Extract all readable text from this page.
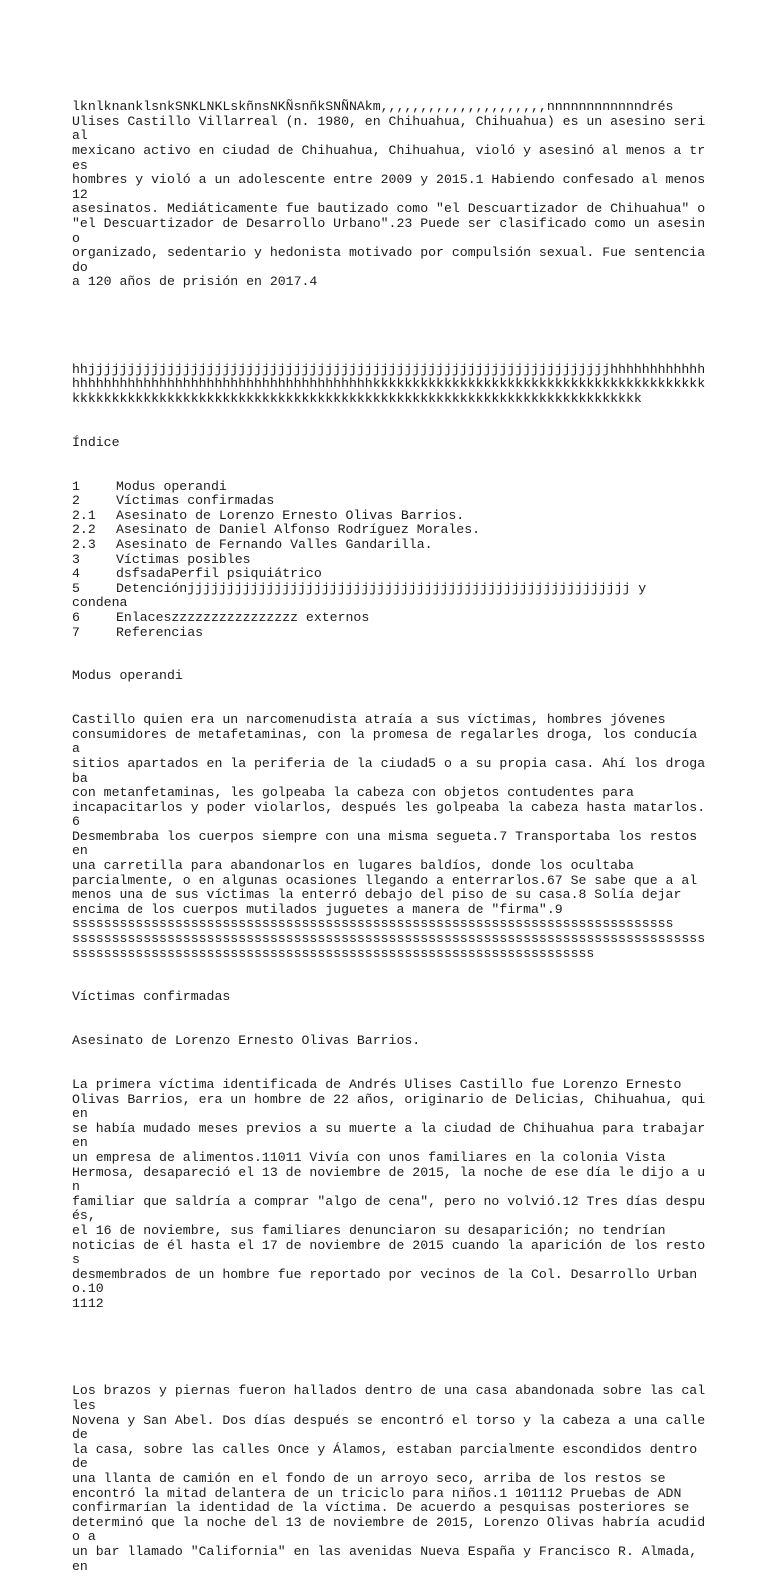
lknlknanklsnkSNKLNKLskñnsNKÑsnñkSNÑNAkm,,,,,,,,,,,,,,,,,,,,,nnnnnnnnnnnndrés
Ulises Castillo Villarreal (n. 1980, en Chihuahua, Chihuahua) es un asesino serial
mexicano activo en ciudad de Chihuahua, Chihuahua, violó y asesinó al menos a tres
hombres y violó a un adolescente entre 2009 y 2015.1 Habiendo confesado al menos 12
asesinatos. Mediáticamente fue bautizado como "el Descuartizador de Chihuahua" o
"el Descuartizador de Desarrollo Urbano".23 Puede ser clasificado como un asesino
organizado, sedentario y hedonista motivado por compulsión sexual. Fue sentenciado
a 120 años de prisión en 2017.4

hhjjjjjjjjjjjjjjjjjjjjjjjjjjjjjjjjjjjjjjjjjjjjjjjjjjjjjjjjjjjjjjjjjjhhhhhhhhhhhh
hhhhhhhhhhhhhhhhhhhhhhhhhhhhhhhhhhhhhhkkkkkkkkkkkkkkkkkkkkkkkkkkkkkkkkkkkkkkkkkk
kkkkkkkkkkkkkkkkkkkkkkkkkkkkkkkkkkkkkkkkkkkkkkkkkkkkkkkkkkkkkkkkkkkkkkkk

Índice

1	Modus operandi
2	Víctimas confirmadas
2.1 Asesinato de Lorenzo Ernesto Olivas Barrios.
2.2 Asesinato de Daniel Alfonso Rodríguez Morales.
2.3 Asesinato de Fernando Valles Gandarilla.
3	Víctimas posibles
4	dsfsadaPerfil psiquiátrico
5	Detenciónjjjjjjjjjjjjjjjjjjjjjjjjjjjjjjjjjjjjjjjjjjjjjjjjjjjjjjjj y
condena
6	Enlaceszzzzzzzzzzzzzzzz externos
7	Referencias

Modus operandi

Castillo quien era un narcomenudista atraía a sus víctimas, hombres jóvenes
consumidores de metafetaminas, con la promesa de regalarles droga, los conducía a
sitios apartados en la periferia de la ciudad5 o a su propia casa. Ahí los drogaba
con metanfetaminas, les golpeaba la cabeza con objetos contudentes para
incapacitarlos y poder violarlos, después les golpeaba la cabeza hasta matarlos.6
Desmembraba los cuerpos siempre con una misma segueta.7 Transportaba los restos en
una carretilla para abandonarlos en lugares baldíos, donde los ocultaba
parcialmente, o en algunas ocasiones llegando a enterrarlos.67 Se sabe que a al
menos una de sus víctimas la enterró debajo del piso de su casa.8 Solía dejar
encima de los cuerpos mutilados juguetes a manera de "firma".9
ssssssssssssssssssssssssssssssssssssssssssssssssssssssssssssssssssssssssssss
ssssssssssssssssssssssssssssssssssssssssssssssssssssssssssssssssssssssssssssssss
ssssssssssssssssssssssssssssssssssssssssssssssssssssssssssssssssss

Víctimas confirmadas

Asesinato de Lorenzo Ernesto Olivas Barrios.

La primera víctima identificada de Andrés Ulises Castillo fue Lorenzo Ernesto
Olivas Barrios, era un hombre de 22 años, originario de Delicias, Chihuahua, quien
se había mudado meses previos a su muerte a la ciudad de Chihuahua para trabajar en
un empresa de alimentos.11011 Vivía con unos familiares en la colonia Vista
Hermosa, desapareció el 13 de noviembre de 2015, la noche de ese día le dijo a un
familiar que saldría a comprar "algo de cena", pero no volvió.12 Tres días después,
el 16 de noviembre, sus familiares denunciaron su desaparición; no tendrían
noticias de él hasta el 17 de noviembre de 2015 cuando la aparición de los restos
desmembrados de un hombre fue reportado por vecinos de la Col. Desarrollo Urbano.10
1112

Los brazos y piernas fueron hallados dentro de una casa abandonada sobre las calles
Novena y San Abel. Dos días después se encontró el torso y la cabeza a una calle de
la casa, sobre las calles Once y Álamos, estaban parcialmente escondidos dentro de
una llanta de camión en el fondo de un arroyo seco, arriba de los restos se
encontró la mitad delantera de un triciclo para niños.1 101112 Pruebas de ADN
confirmarían la identidad de la víctima. De acuerdo a pesquisas posteriores se
determinó que la noche del 13 de noviembre de 2015, Lorenzo Olivas habría acudido a
un bar llamado "California" en las avenidas Nueva España y Francisco R. Almada, en
